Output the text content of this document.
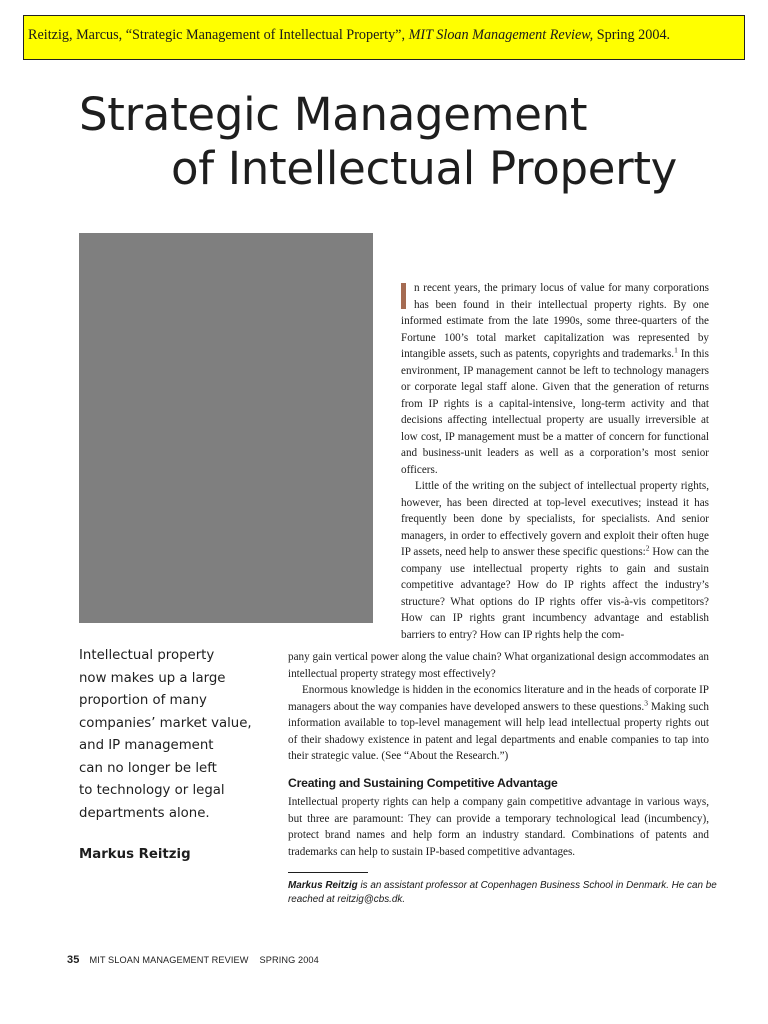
Reitzig, Marcus, “Strategic Management of Intellectual Property”, MIT Sloan Management Review, Spring 2004.
Strategic Management
of Intellectual Property

n recent years, the primary locus of value for many corporations has been found in their intellectual property rights. By one informed estimate from the late 1990s, some three-quarters of the Fortune 100’s total market capitalization was represented by intangible assets, such as patents, copyrights and trademarks.$^1$ In this environment, IP management cannot be left to technology managers or corporate legal staff alone. Given that the generation of returns from IP rights is a capital-intensive, long-term activity and that decisions affecting intellectual property are usually irreversible at low cost, IP management must be a matter of concern for functional and business-unit leaders as well as a corporation’s most senior officers.

Little of the writing on the subject of intellectual property rights, however, has been directed at top-level executives; instead it has frequently been done by specialists, for specialists. And senior managers, in order to effectively govern and exploit their often huge IP assets, need help to answer these specific questions:$^2$ How can the company use intellectual property rights to gain and sustain competitive advantage? How do IP rights affect the industry’s structure? What options do IP rights offer vis-à-vis competitors? How can IP rights grant incumbency advantage and establish barriers to entry? How can IP rights help the com-

pany gain vertical power along the value chain? What organizational design accommodates an intellectual property strategy most effectively?

Enormous knowledge is hidden in the economics literature and in the heads of corporate IP managers about the way companies have developed answers to these questions.$^3$ Making such information available to top-level management will help lead intellectual property rights out of their shadowy existence in patent and legal departments and enable companies to tap into their strategic value. (See “About the Research.”)

Creating and Sustaining Competitive Advantage

Intellectual property rights can help a company gain competitive advantage in various ways, but three are paramount: They can provide a temporary technological lead (incumbency), protect brand names and help form an industry standard. Combinations of patents and trademarks can help to sustain IP-based competitive advantages.

Intellectual property
now makes up a large
proportion of many
companies’ market value,
and IP management
can no longer be left
to technology or legal
departments alone.
Markus Reitzig
Markus Reitzig is an assistant professor at Copenhagen Business School in Denmark. He can be reached at reitzig@cbs.dk.
35 MIT SLOAN MANAGEMENT REVIEW SPRING 2004
